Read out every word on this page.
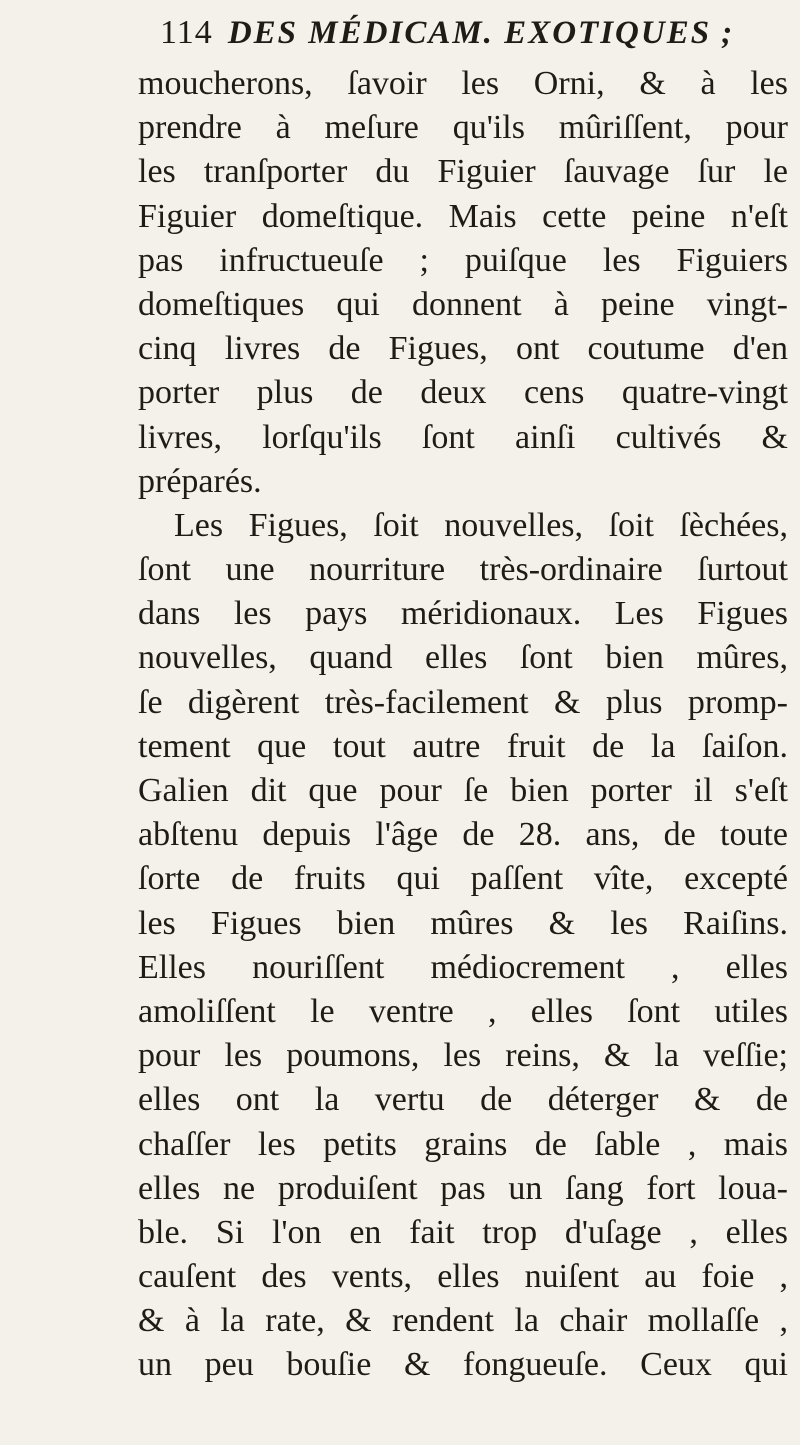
114 DES MÉDICAM. EXOTIQUES ;
moucherons, ſavoir les Orni, & à les
prendre à meſure qu'ils mûriſſent, pour
les tranſporter du Figuier ſauvage ſur le
Figuier domeſtique. Mais cette peine n'eſt
pas infructueuſe ; puiſque les Figuiers
domeſtiques qui donnent à peine vingt-
cinq livres de Figues, ont coutume d'en
porter plus de deux cens quatre-vingt
livres, lorſqu'ils ſont ainſi cultivés &
préparés.
Les Figues, ſoit nouvelles, ſoit ſèchées,
ſont une nourriture très-ordinaire ſurtout
dans les pays méridionaux. Les Figues
nouvelles, quand elles ſont bien mûres,
ſe digèrent très-facilement & plus promp-
tement que tout autre fruit de la ſaiſon.
Galien dit que pour ſe bien porter il s'eſt
abſtenu depuis l'âge de 28. ans, de toute
ſorte de fruits qui paſſent vîte, excepté
les Figues bien mûres & les Raiſins.
Elles nouriſſent médiocrement , elles
amoliſſent le ventre , elles ſont utiles
pour les poumons, les reins, & la veſſie;
elles ont la vertu de déterger & de
chaſſer les petits grains de ſable , mais
elles ne produiſent pas un ſang fort loua-
ble. Si l'on en fait trop d'uſage , elles
cauſent des vents, elles nuiſent au foie ,
& à la rate, & rendent la chair mollaſſe ,
un peu bouſie & fongueuſe. Ceux qui
